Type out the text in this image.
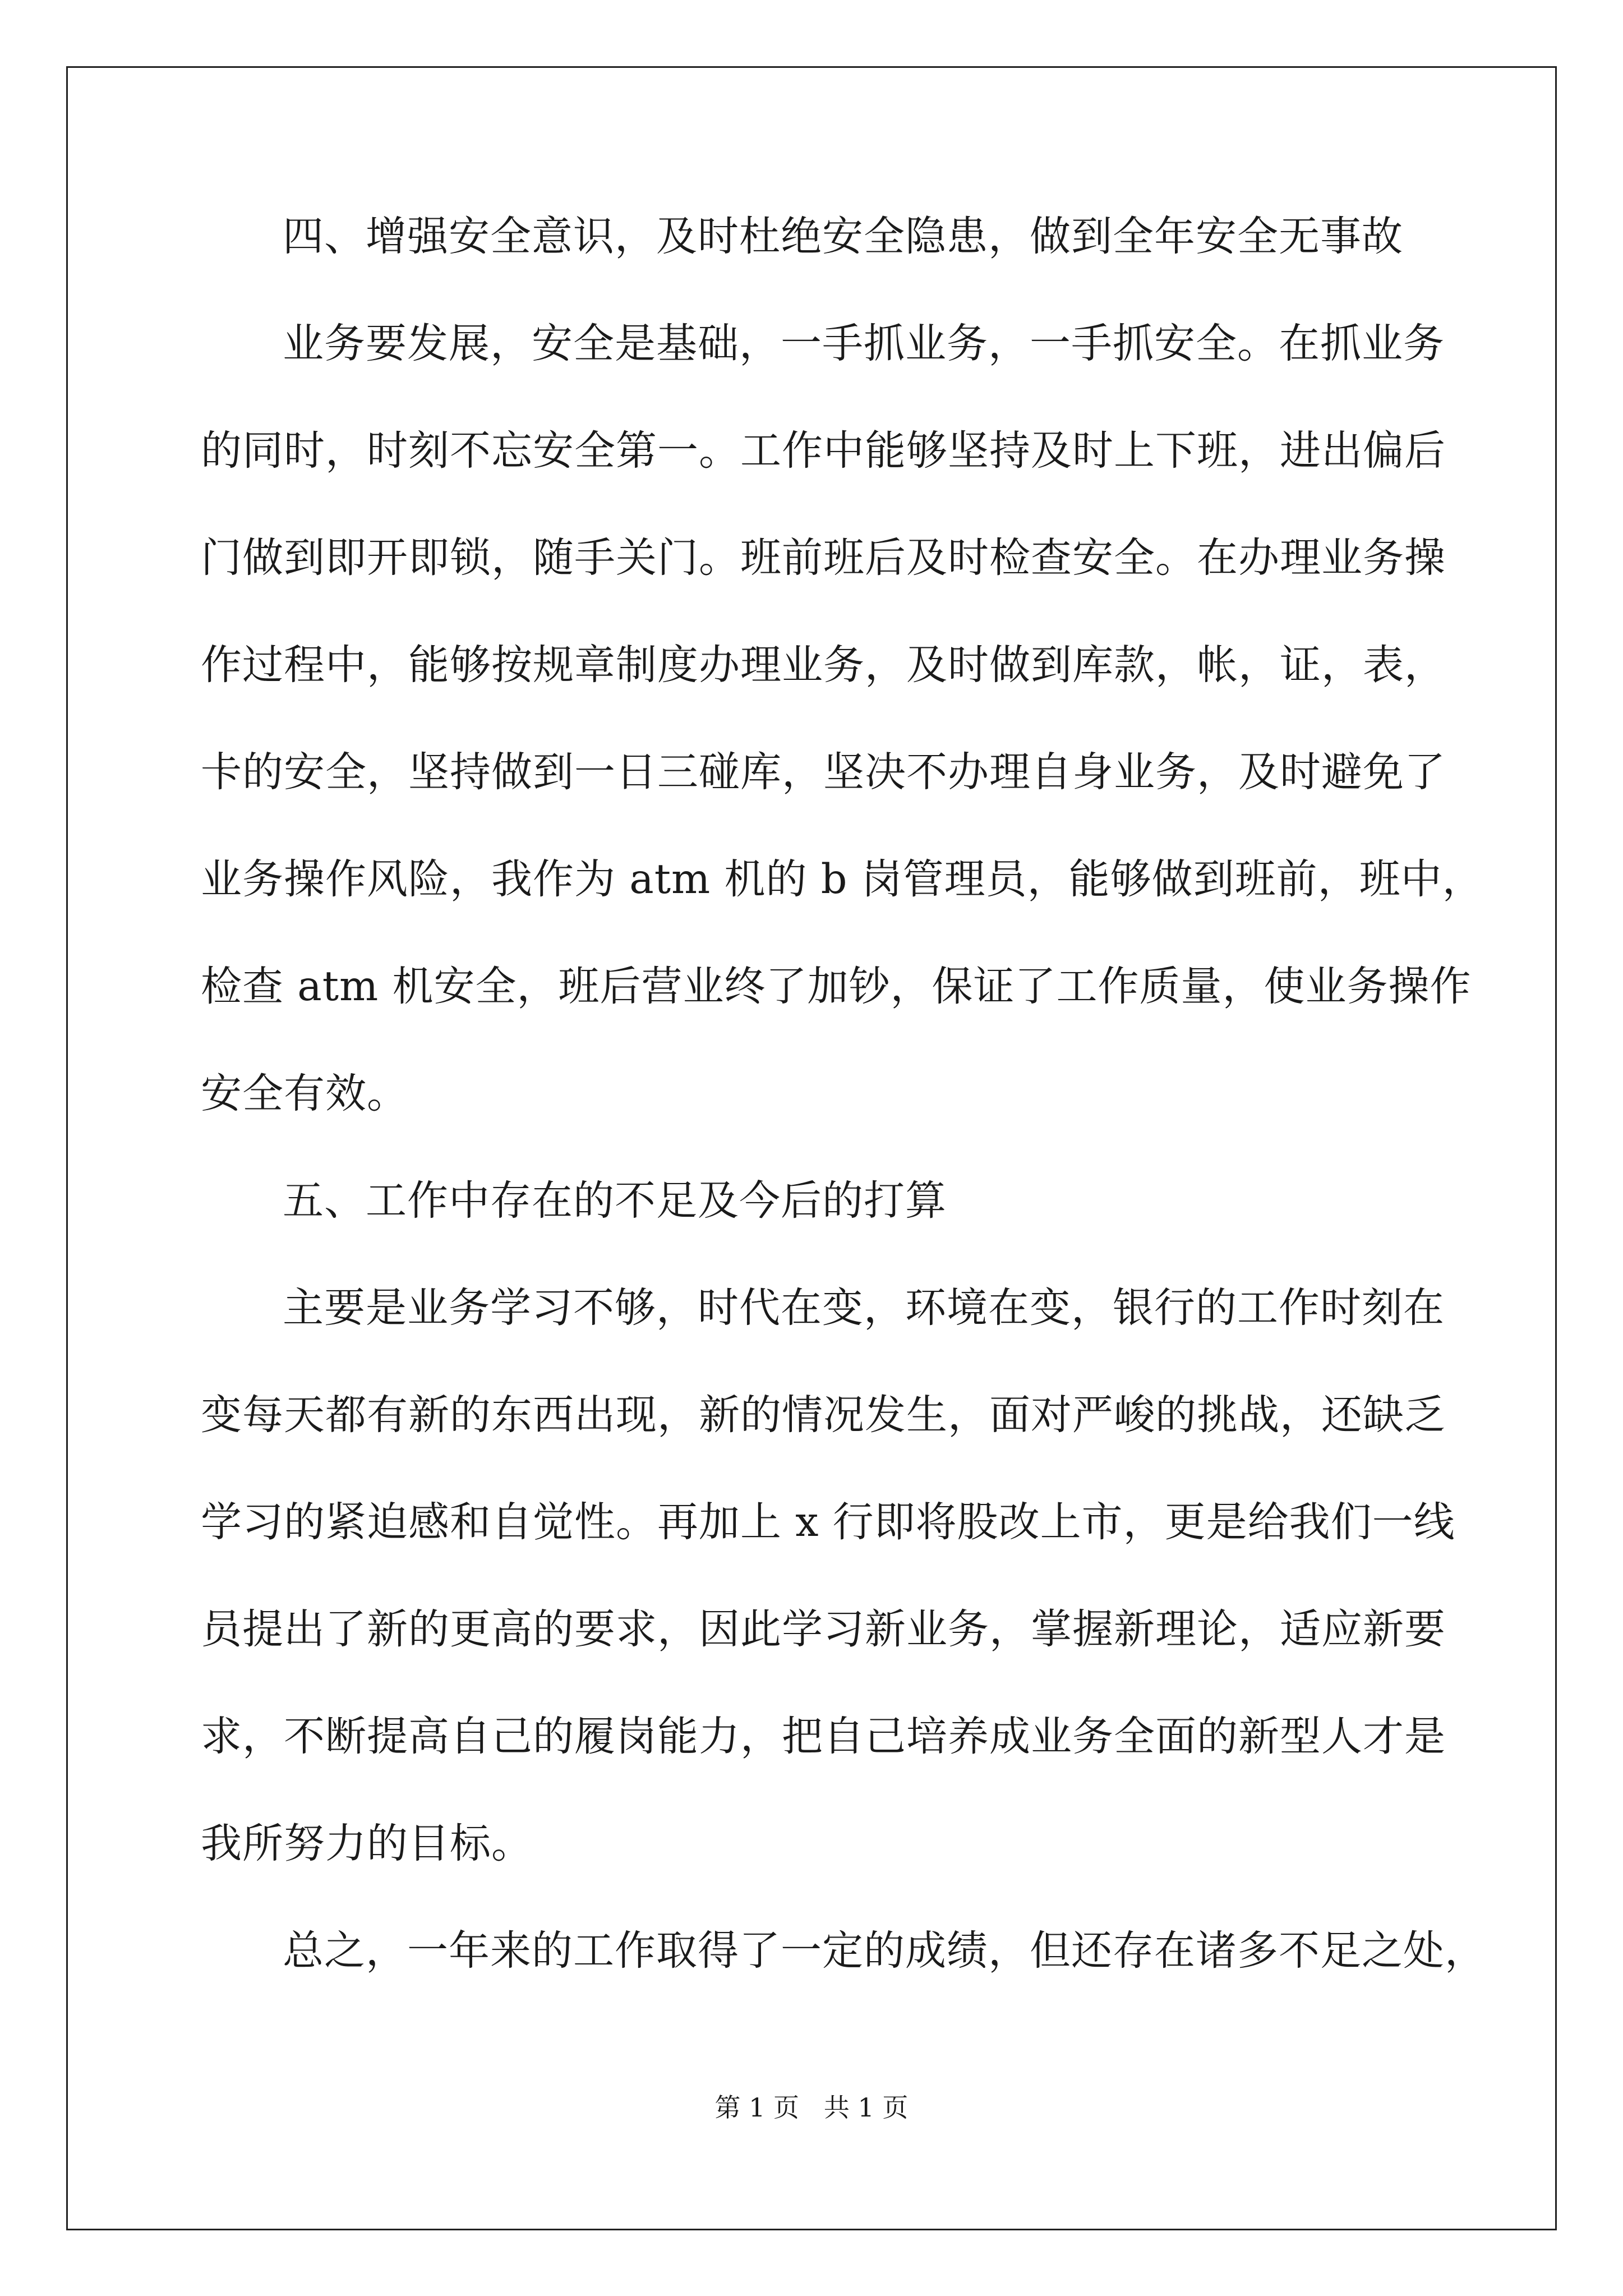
四、增强安全意识，及时杜绝安全隐患，做到全年安全无事故
业务要发展，安全是基础，一手抓业务，一手抓安全。在抓业务
的同时，时刻不忘安全第一。工作中能够坚持及时上下班，进出偏后
门做到即开即锁，随手关门。班前班后及时检查安全。在办理业务操
作过程中，能够按规章制度办理业务，及时做到库款，帐，证，表，
卡的安全，坚持做到一日三碰库，坚决不办理自身业务，及时避免了
业务操作风险，我作为 atm 机的 b 岗管理员，能够做到班前，班中，
检查 atm 机安全，班后营业终了加钞，保证了工作质量，使业务操作
安全有效。
五、工作中存在的不足及今后的打算
主要是业务学习不够，时代在变，环境在变，银行的工作时刻在
变每天都有新的东西出现，新的情况发生，面对严峻的挑战，还缺乏
学习的紧迫感和自觉性。再加上 x 行即将股改上市，更是给我们一线
员提出了新的更高的要求，因此学习新业务，掌握新理论，适应新要
求，不断提高自己的履岗能力，把自己培养成业务全面的新型人才是
我所努力的目标。
总之，一年来的工作取得了一定的成绩，但还存在诸多不足之处，
第 1 页   共 1 页
